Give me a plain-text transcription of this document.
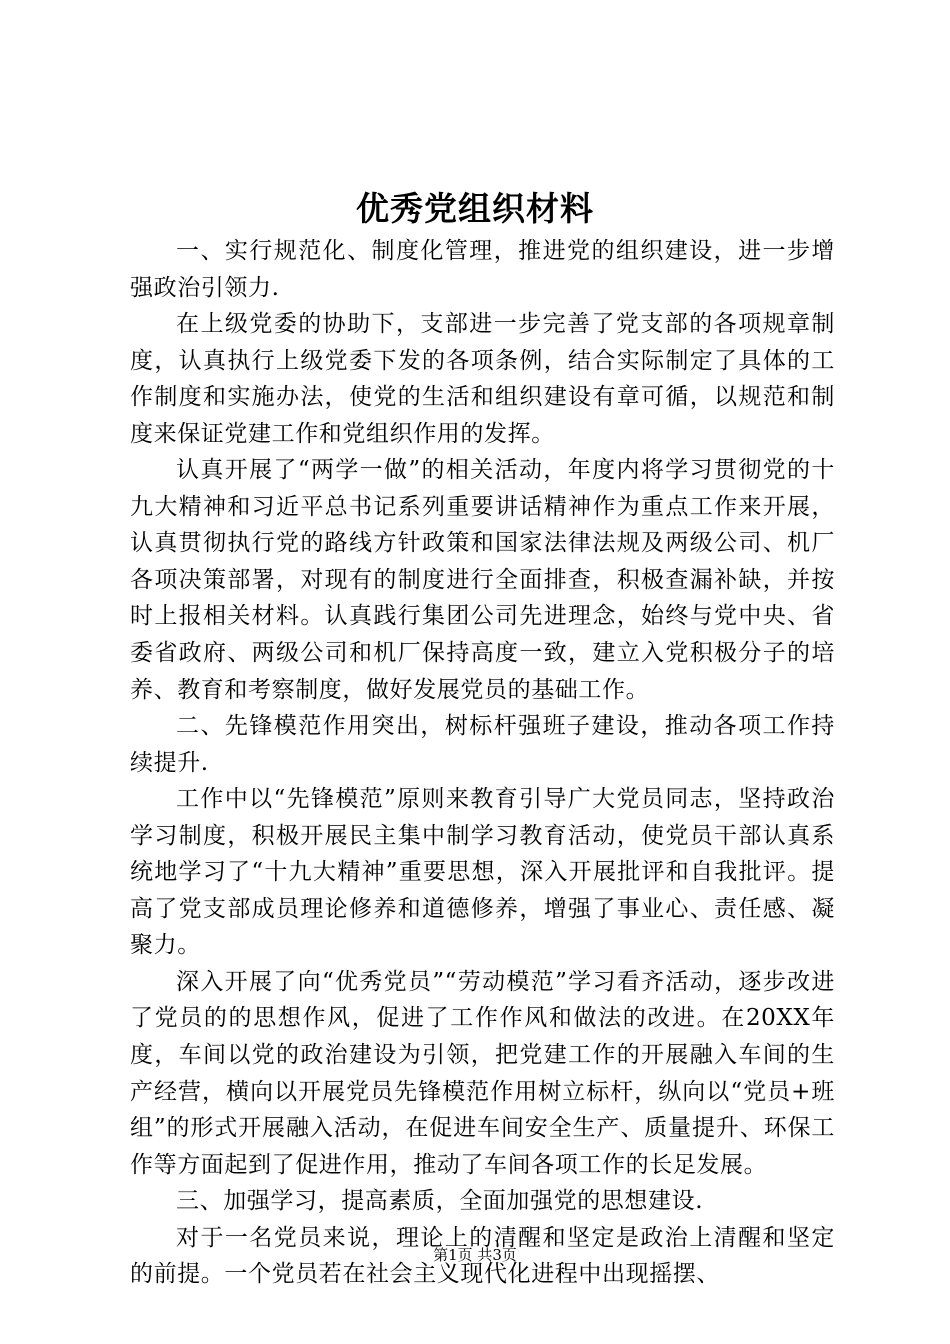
优秀党组织材料

一、实行规范化、制度化管理，推进党的组织建设，进一步增强政治引领力.

在上级党委的协助下，支部进一步完善了党支部的各项规章制度，认真执行上级党委下发的各项条例，结合实际制定了具体的工作制度和实施办法，使党的生活和组织建设有章可循，以规范和制度来保证党建工作和党组织作用的发挥。

认真开展了“两学一做”的相关活动，年度内将学习贯彻党的十九大精神和习近平总书记系列重要讲话精神作为重点工作来开展，认真贯彻执行党的路线方针政策和国家法律法规及两级公司、机厂各项决策部署，对现有的制度进行全面排查，积极查漏补缺，并按时上报相关材料。认真践行集团公司先进理念，始终与党中央、省委省政府、两级公司和机厂保持高度一致，建立入党积极分子的培养、教育和考察制度，做好发展党员的基础工作。

二、先锋模范作用突出，树标杆强班子建设，推动各项工作持续提升.

工作中以“先锋模范”原则来教育引导广大党员同志，坚持政治学习制度，积极开展民主集中制学习教育活动，使党员干部认真系统地学习了“十九大精神”重要思想，深入开展批评和自我批评。提高了党支部成员理论修养和道德修养，增强了事业心、责任感、凝聚力。

深入开展了向“优秀党员”“劳动模范”学习看齐活动，逐步改进了党员的的思想作风，促进了工作作风和做法的改进。在20XX年度，车间以党的政治建设为引领，把党建工作的开展融入车间的生产经营，横向以开展党员先锋模范作用树立标杆，纵向以“党员+班组”的形式开展融入活动，在促进车间安全生产、质量提升、环保工作等方面起到了促进作用，推动了车间各项工作的长足发展。

三、加强学习，提高素质，全面加强党的思想建设.

对于一名党员来说，理论上的清醒和坚定是政治上清醒和坚定的前提。一个党员若在社会主义现代化进程中出现摇摆、

第1页 共3页
